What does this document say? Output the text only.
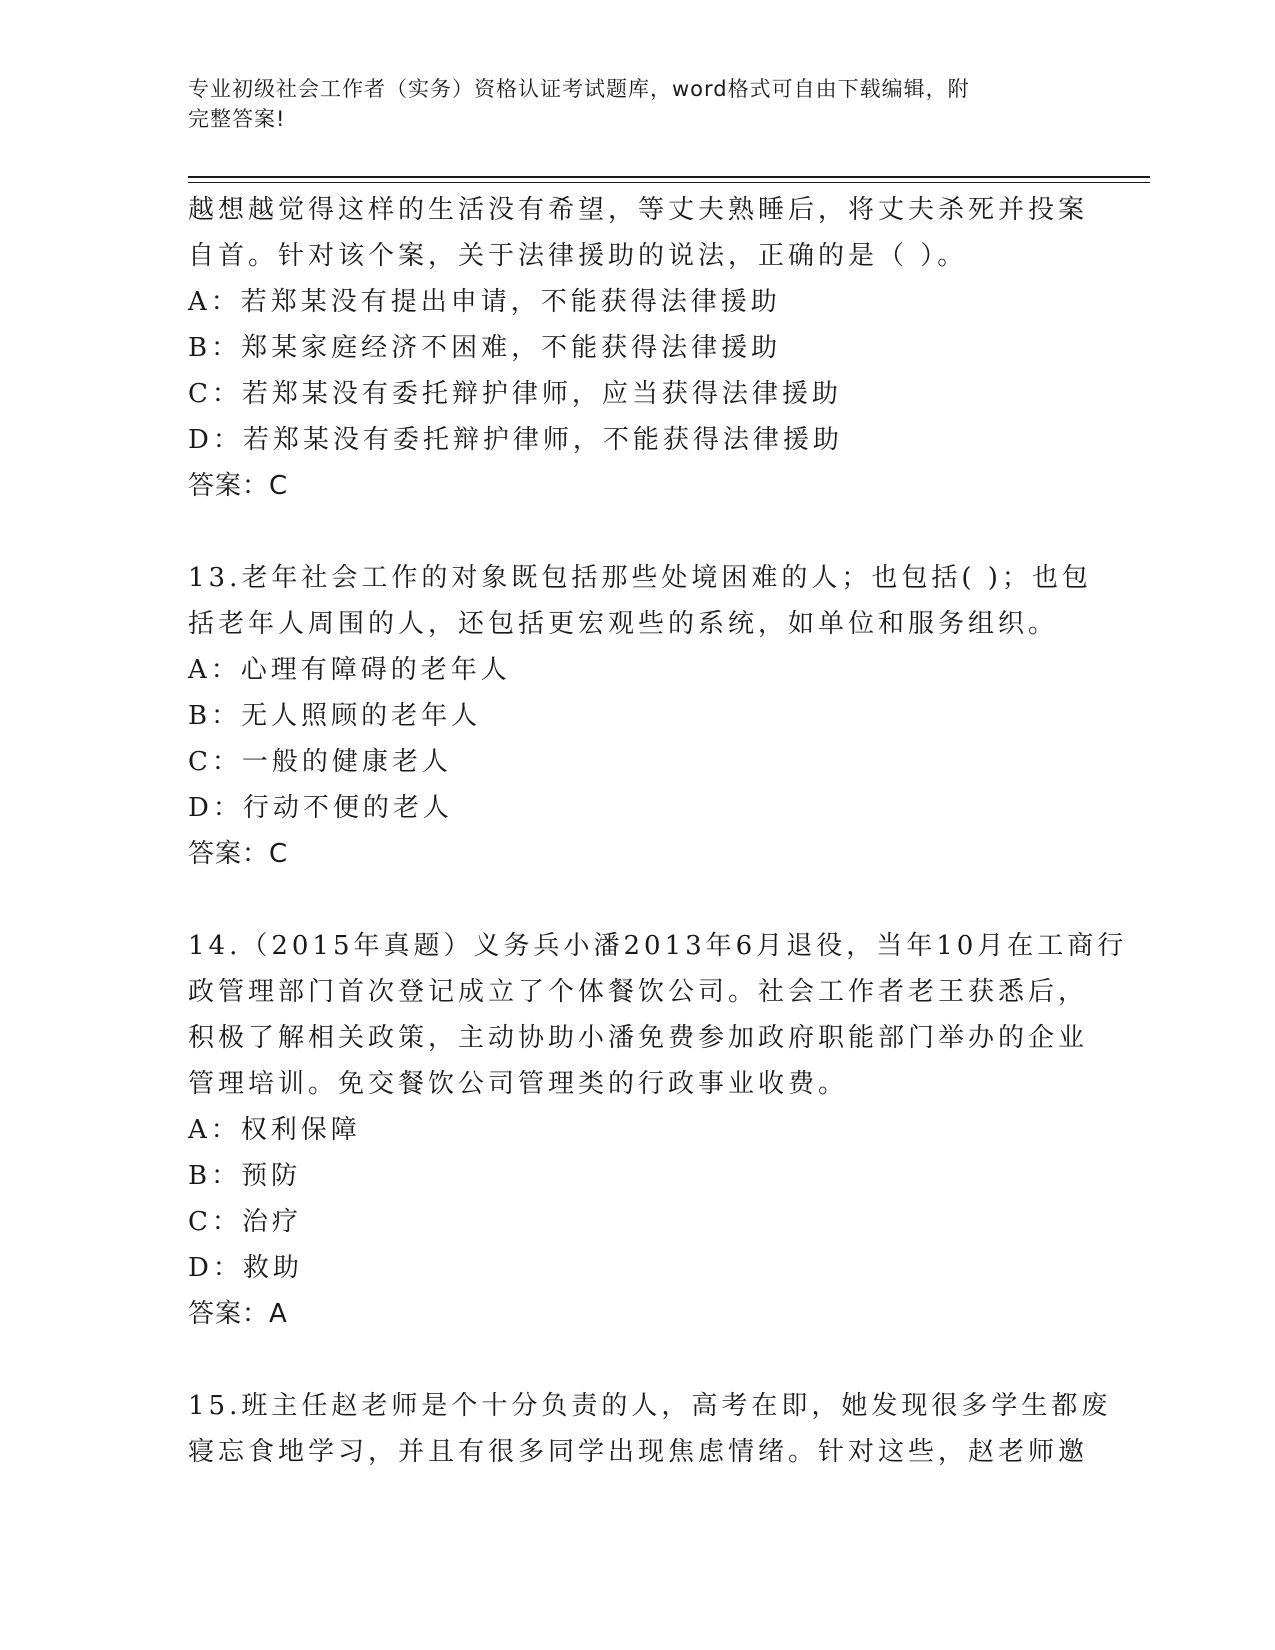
专业初级社会工作者（实务）资格认证考试题库，word格式可自由下载编辑，附
完整答案!
越想越觉得这样的生活没有希望，等丈夫熟睡后，将丈夫杀死并投案
自首。针对该个案，关于法律援助的说法，正确的是（ ）。
A：若郑某没有提出申请，不能获得法律援助
B：郑某家庭经济不困难，不能获得法律援助
C：若郑某没有委托辩护律师，应当获得法律援助
D：若郑某没有委托辩护律师，不能获得法律援助
答案：C
13.老年社会工作的对象既包括那些处境困难的人；也包括( )；也包
括老年人周围的人，还包括更宏观些的系统，如单位和服务组织。
A：心理有障碍的老年人
B：无人照顾的老年人
C：一般的健康老人
D：行动不便的老人
答案：C
14.（2015年真题）义务兵小潘2013年6月退役，当年10月在工商行
政管理部门首次登记成立了个体餐饮公司。社会工作者老王获悉后，
积极了解相关政策，主动协助小潘免费参加政府职能部门举办的企业
管理培训。免交餐饮公司管理类的行政事业收费。
A：权利保障
B：预防
C：治疗
D：救助
答案：A
15.班主任赵老师是个十分负责的人，高考在即，她发现很多学生都废
寝忘食地学习，并且有很多同学出现焦虑情绪。针对这些，赵老师邀
